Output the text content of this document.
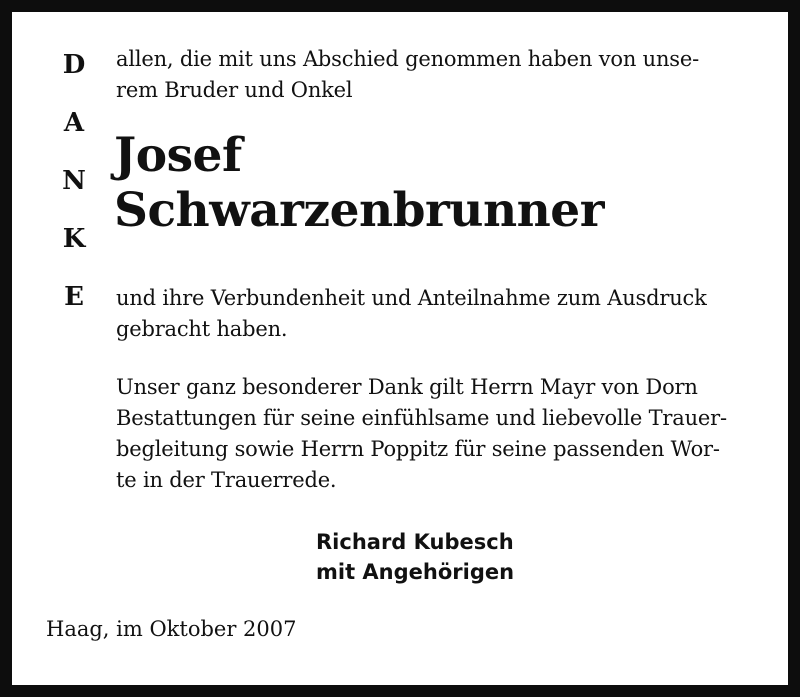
D
A
N
K
E
allen, die mit uns Abschied genommen haben von unse-
rem Bruder und Onkel
Josef
Schwarzenbrunner
und ihre Verbundenheit und Anteilnahme zum Ausdruck
gebracht haben.
Unser ganz besonderer Dank gilt Herrn Mayr von Dorn
Bestattungen für seine einfühlsame und liebevolle Trauer-
begleitung sowie Herrn Poppitz für seine passenden Wor-
te in der Trauerrede.
Richard Kubesch
mit Angehörigen
Haag, im Oktober 2007
